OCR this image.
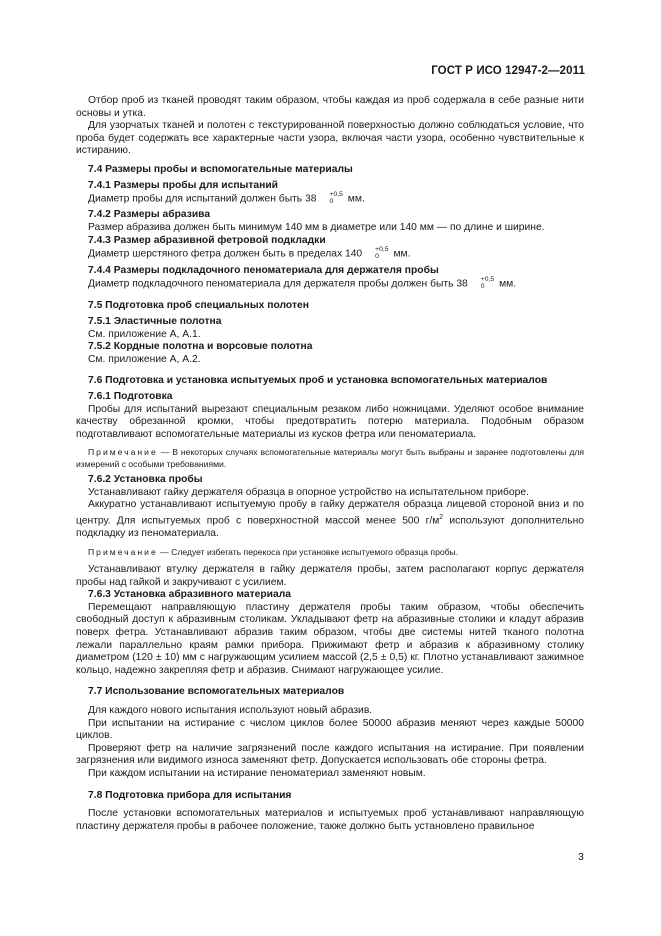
ГОСТ Р ИСО 12947-2—2011

Отбор проб из тканей проводят таким образом, чтобы каждая из проб содержала в себе разные нити основы и утка.

Для узорчатых тканей и полотен с текстурированной поверхностью должно соблюдаться условие, что проба будет содержать все характерные части узора, включая части узора, особенно чувствительные к истиранию.

7.4 Размеры пробы и вспомогательные материалы

7.4.1 Размеры пробы для испытаний

Диаметр пробы для испытаний должен быть 38	+0,5
0	мм.

7.4.2 Размеры абразива

Размер абразива должен быть минимум 140 мм в диаметре или 140 мм — по длине и ширине.

7.4.3 Размер абразивной фетровой подкладки

Диаметр шерстяного фетра должен быть в пределах 140	+0,5
0	мм.

7.4.4 Размеры подкладочного пеноматериала для держателя пробы

Диаметр подкладочного пеноматериала для держателя пробы должен быть 38	+0,5
0	мм.

7.5 Подготовка проб специальных полотен

7.5.1 Эластичные полотна

См. приложение А, А.1.

7.5.2 Кордные полотна и ворсовые полотна

См. приложение А, А.2.

7.6 Подготовка и установка испытуемых проб и установка вспомогательных материалов

7.6.1 Подготовка

Пробы для испытаний вырезают специальным резаком либо ножницами. Уделяют особое внимание качеству обрезанной кромки, чтобы предотвратить потерю материала. Подобным образом подготавливают вспомогательные материалы из кусков фетра или пеноматериала.

Примечание — В некоторых случаях вспомогательные материалы могут быть выбраны и заранее подготовлены для измерений с особыми требованиями.

7.6.2 Установка пробы

Устанавливают гайку держателя образца в опорное устройство на испытательном приборе.

Аккуратно устанавливают испытуемую пробу в гайку держателя образца лицевой стороной вниз и по центру. Для испытуемых проб с поверхностной массой менее 500 $г/м^2$ используют дополнительно подкладку из пеноматериала.

Примечание — Следует избегать перекоса при установке испытуемого образца пробы.

Устанавливают втулку держателя в гайку держателя пробы, затем располагают корпус держателя пробы над гайкой и закручивают с усилием.

7.6.3 Установка абразивного материала

Перемещают направляющую пластину держателя пробы таким образом, чтобы обеспечить свободный доступ к абразивным столикам. Укладывают фетр на абразивные столики и кладут абразив поверх фетра. Устанавливают абразив таким образом, чтобы две системы нитей тканого полотна лежали параллельно краям рамки прибора. Прижимают фетр и абразив к абразивному столику диаметром (120 ± 10) мм с нагружающим усилием массой (2,5 ± 0,5) кг. Плотно устанавливают зажимное кольцо, надежно закрепляя фетр и абразив. Снимают нагружающее усилие.

7.7 Использование вспомогательных материалов

Для каждого нового испытания используют новый абразив.

При испытании на истирание с числом циклов более 50000 абразив меняют через каждые 50000 циклов.

Проверяют фетр на наличие загрязнений после каждого испытания на истирание. При появлении загрязнения или видимого износа заменяют фетр. Допускается использовать обе стороны фетра.

При каждом испытании на истирание пеноматериал заменяют новым.

7.8 Подготовка прибора для испытания

После установки вспомогательных материалов и испытуемых проб устанавливают направляющую пластину держателя пробы в рабочее положение, также должно быть установлено правильное

3
